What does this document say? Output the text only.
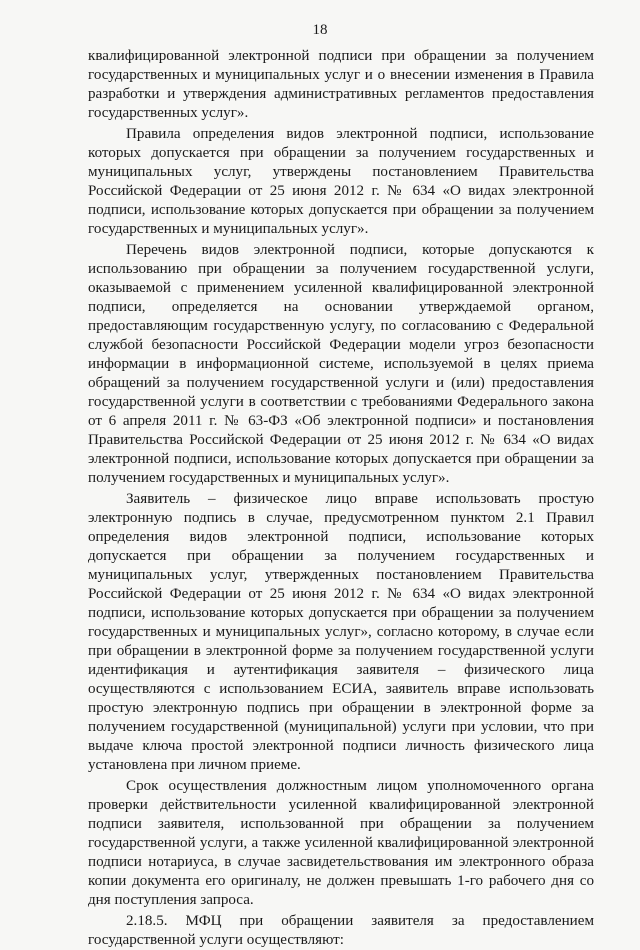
18

квалифицированной электронной подписи при обращении за получением государственных и муниципальных услуг и о внесении изменения в Правила разработки и утверждения административных регламентов предоставления государственных услуг».

Правила определения видов электронной подписи, использование которых допускается при обращении за получением государственных и муниципальных услуг, утверждены постановлением Правительства Российской Федерации от 25 июня 2012 г. № 634 «О видах электронной подписи, использование которых допускается при обращении за получением государственных и муниципальных услуг».

Перечень видов электронной подписи, которые допускаются к использованию при обращении за получением государственной услуги, оказываемой с применением усиленной квалифицированной электронной подписи, определяется на основании утверждаемой органом, предоставляющим государственную услугу, по согласованию с Федеральной службой безопасности Российской Федерации модели угроз безопасности информации в информационной системе, используемой в целях приема обращений за получением государственной услуги и (или) предоставления государственной услуги в соответствии с требованиями Федерального закона от 6 апреля 2011 г. № 63-ФЗ «Об электронной подписи» и постановления Правительства Российской Федерации от 25 июня 2012 г. № 634 «О видах электронной подписи, использование которых допускается при обращении за получением государственных и муниципальных услуг».

Заявитель – физическое лицо вправе использовать простую электронную подпись в случае, предусмотренном пунктом 2.1 Правил определения видов электронной подписи, использование которых допускается при обращении за получением государственных и муниципальных услуг, утвержденных постановлением Правительства Российской Федерации от 25 июня 2012 г. № 634 «О видах электронной подписи, использование которых допускается при обращении за получением государственных и муниципальных услуг», согласно которому, в случае если при обращении в электронной форме за получением государственной услуги идентификация и аутентификация заявителя – физического лица осуществляются с использованием ЕСИА, заявитель вправе использовать простую электронную подпись при обращении в электронной форме за получением государственной (муниципальной) услуги при условии, что при выдаче ключа простой электронной подписи личность физического лица установлена при личном приеме.

Срок осуществления должностным лицом уполномоченного органа проверки действительности усиленной квалифицированной электронной подписи заявителя, использованной при обращении за получением государственной услуги, а также усиленной квалифицированной электронной подписи нотариуса, в случае засвидетельствования им электронного образа копии документа его оригиналу, не должен превышать 1-го рабочего дня со дня поступления запроса.

2.18.5. МФЦ при обращении заявителя за предоставлением государственной услуги осуществляют:
